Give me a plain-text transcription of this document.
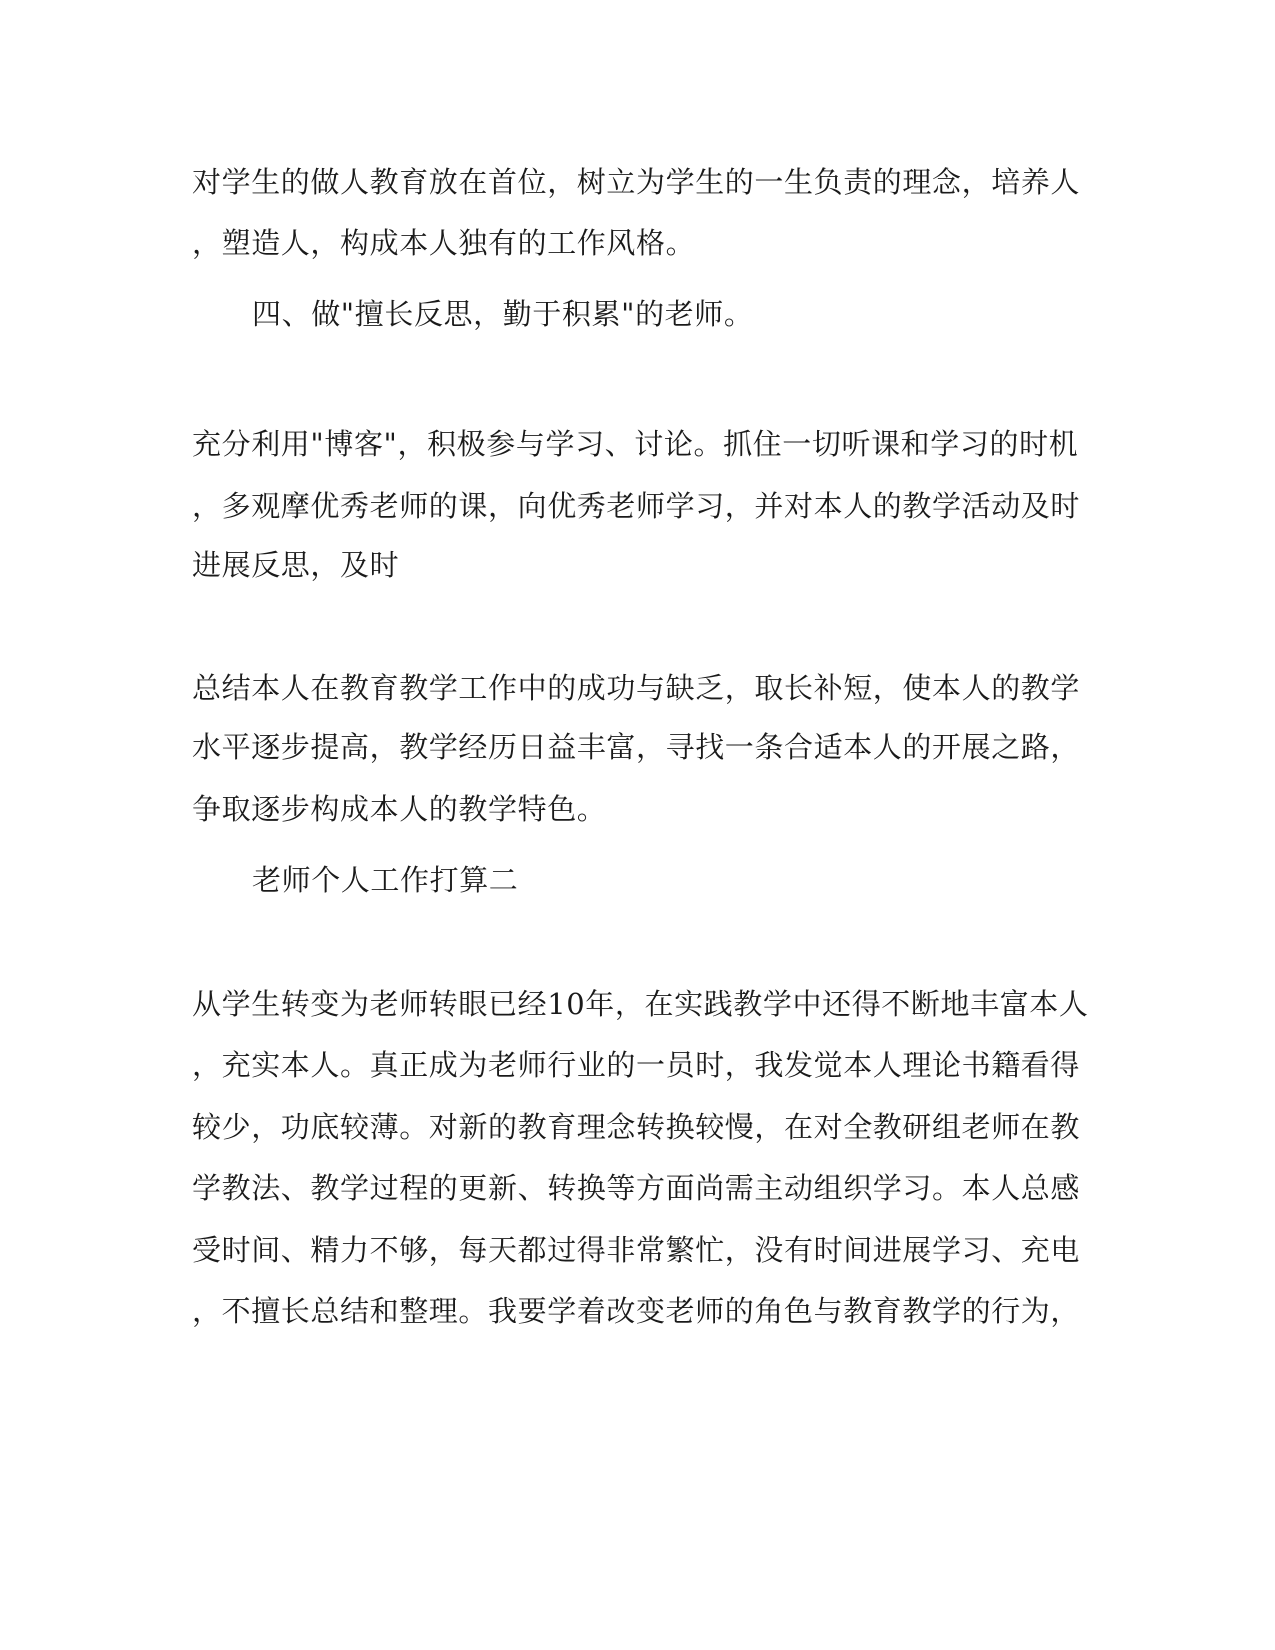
对学生的做人教育放在首位，树立为学生的一生负责的理念，培养人
，塑造人，构成本人独有的工作风格。
四、做"擅长反思，勤于积累"的老师。
充分利用"博客"，积极参与学习、讨论。抓住一切听课和学习的时机
，多观摩优秀老师的课，向优秀老师学习，并对本人的教学活动及时
进展反思，及时
总结本人在教育教学工作中的成功与缺乏，取长补短，使本人的教学
水平逐步提高，教学经历日益丰富，寻找一条合适本人的开展之路，
争取逐步构成本人的教学特色。
老师个人工作打算二
从学生转变为老师转眼已经10年，在实践教学中还得不断地丰富本人
，充实本人。真正成为老师行业的一员时，我发觉本人理论书籍看得
较少，功底较薄。对新的教育理念转换较慢，在对全教研组老师在教
学教法、教学过程的更新、转换等方面尚需主动组织学习。本人总感
受时间、精力不够，每天都过得非常繁忙，没有时间进展学习、充电
，不擅长总结和整理。我要学着改变老师的角色与教育教学的行为，
